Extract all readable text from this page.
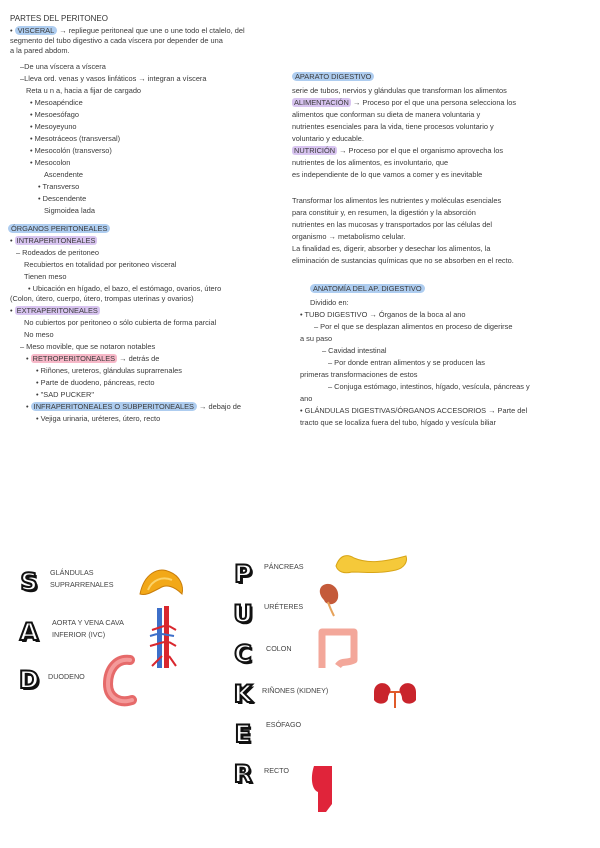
PARTES DEL PERITONEO
• VISCERAL → repliegue peritoneal que une o une todo el ctalelo, del
segmento del tubo digestivo a cada víscera por depender de una
a la pared abdom.
–De una víscera a víscera
–Lleva ord. venas y vasos linfáticos → integran a víscera
Reta u n a, hacia a fijar de cargado
• Mesoapéndice
• Mesoesófago
• Mesoyeyuno
• Mesotráceos (transversal)
• Mesocolón (transverso)
• Mesocolon
Ascendente
• Transverso
• Descendente
Sigmoidea lada
ÓRGANOS PERITONEALES
• INTRAPERITONEALES
– Rodeados de peritoneo
Recubiertos en totalidad por peritoneo visceral
Tienen meso
• Ubicación en hígado, el bazo, el estómago, ovarios, útero
(Colon, útero, cuerpo, útero, trompas uterinas y ovarios)
• EXTRAPERITONEALES
No cubiertos por peritoneo o sólo cubierta de forma parcial
No meso
– Meso movible, que se notaron notables
• RETROPERITONEALES → detrás de
• Riñones, ureteros, glándulas suprarrenales
• Parte de duodeno, páncreas, recto
• "SAD PUCKER"
• INFRAPERITONEALES O SUBPERITONEALES → debajo de
• Vejiga urinaria, uréteres, útero, recto
APARATO DIGESTIVO
serie de tubos, nervios y glándulas que transforman los alimentos
ALIMENTACIÓN → Proceso por el que una persona selecciona los
alimentos que conforman su dieta de manera voluntaria y
nutrientes esenciales para la vida, tiene procesos voluntario y
voluntario y educable.
NUTRICIÓN → Proceso por el que el organismo aprovecha los
nutrientes de los alimentos, es involuntario, que
es independiente de lo que vamos a comer y es inevitable
Transformar los alimentos les nutrientes y moléculas esenciales
para constituir y, en resumen, la digestión y la absorción
nutrientes en las mucosas y transportados por las células del
organismo → metabolismo celular.
La finalidad es, digerir, absorber y desechar los alimentos, la
eliminación de sustancias químicas que no se absorben en el recto.
ANATOMÍA DEL AP. DIGESTIVO
Dividido en:
• TUBO DIGESTIVO → Órganos de la boca al ano
– Por el que se desplazan alimentos en proceso de digerirse
a su paso
– Cavidad intestinal
– Por donde entran alimentos y se producen las
primeras transformaciones de estos
– Conjuga estómago, intestinos, hígado, vesícula, páncreas y
ano
• GLÁNDULAS DIGESTIVAS/ÓRGANOS ACCESORIOS → Parte del
tracto que se localiza fuera del tubo, hígado y vesícula biliar
S	GLÁNDULAS
SUPRARRENALES
A AORTA Y VENA CAVA
INFERIOR (IVC)
D DUODENO
P	PÁNCREAS
U URÉTERES
C	COLON
K RIÑONES (KIDNEY)
E	ESÓFAGO
R RECTO
